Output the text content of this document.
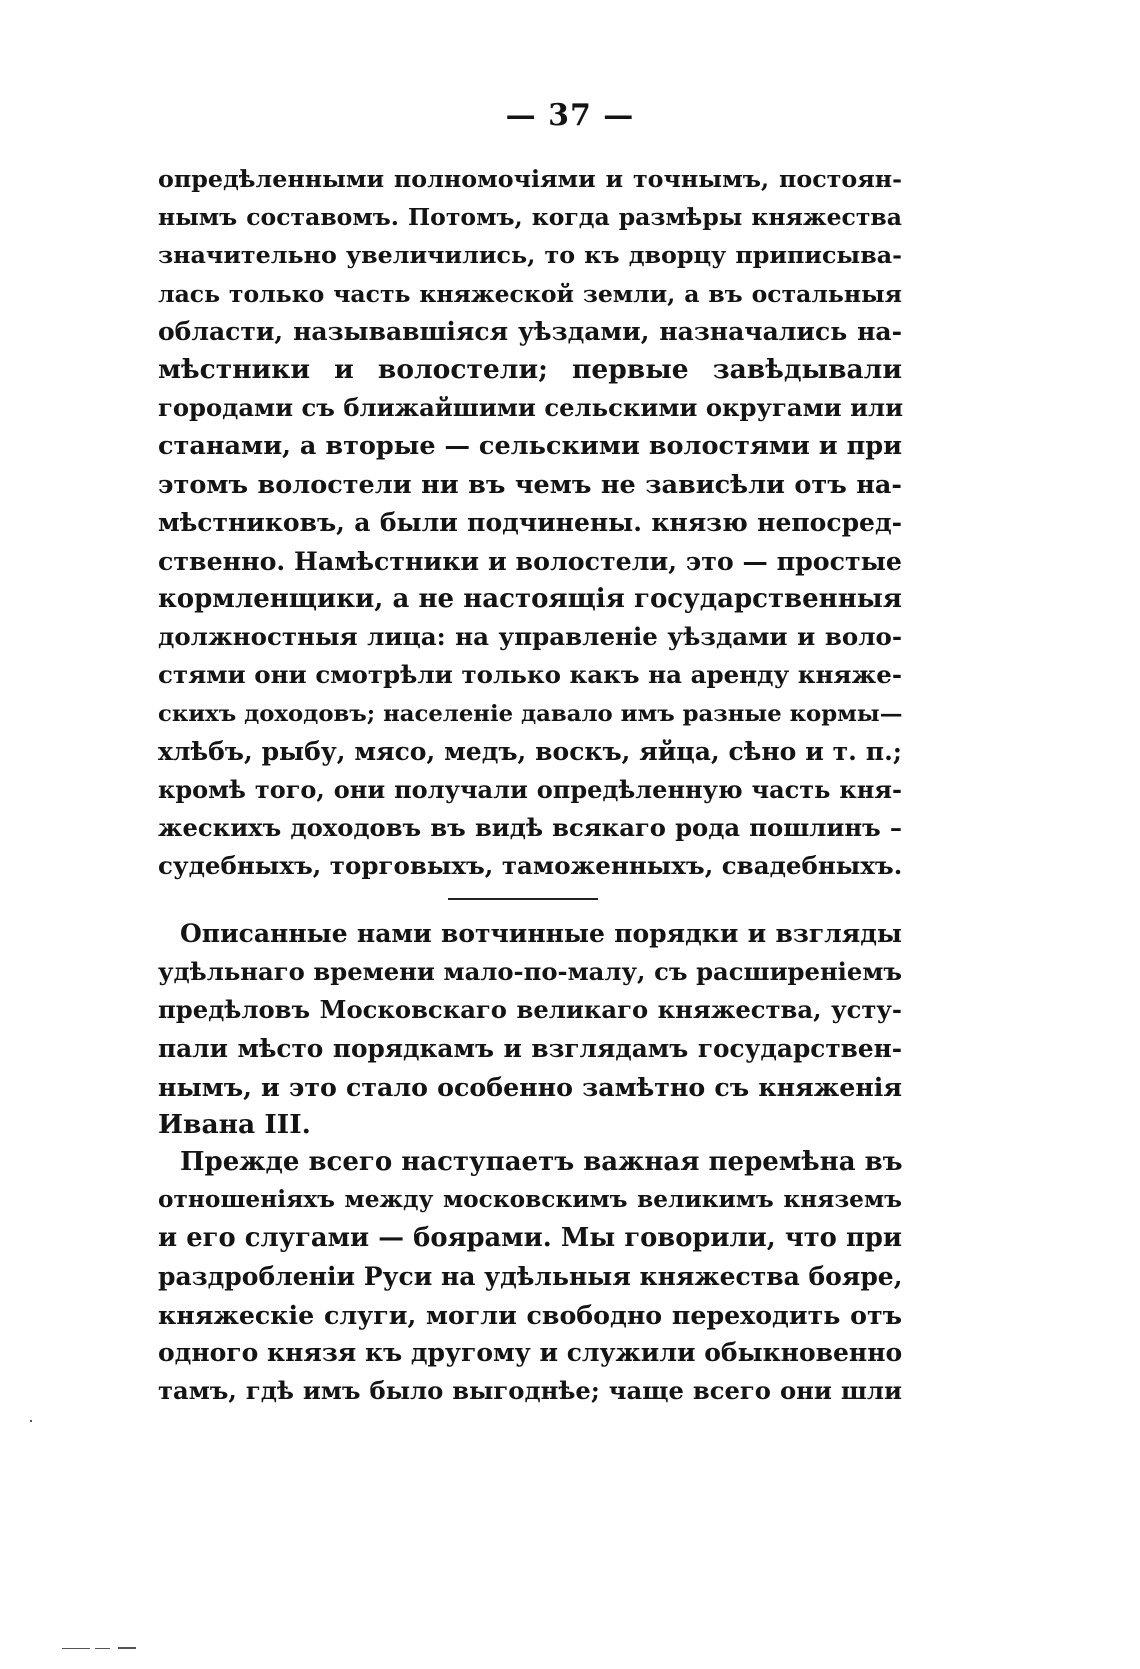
— 37 —
опредѣленными полномочіями и точнымъ, постоян-
нымъ составомъ. Потомъ, когда размѣры княжества
значительно увеличились, то къ дворцу приписыва-
лась только часть княжеской земли, а въ остальныя
области, называвшіяся уѣздами, назначались на-
мѣстники и волостели; первые завѣдывали
городами съ ближайшими сельскими округами или
станами, а вторые — сельскими волостями и при
этомъ волостели ни въ чемъ не зависѣли отъ на-
мѣстниковъ, а были подчинены. князю непосред-
ственно. Намѣстники и волостели, это — простые
кормленщики, а не настоящія государственныя
должностныя лица: на управленіе уѣздами и воло-
стями они смотрѣли только какъ на аренду княже-
скихъ доходовъ; населеніе давало имъ разные кормы—
хлѣбъ, рыбу, мясо, медъ, воскъ, яйца, сѣно и т. п.;
кромѣ того, они получали опредѣленную часть кня-
жескихъ доходовъ въ видѣ всякаго рода пошлинъ –
судебныхъ, торговыхъ, таможенныхъ, свадебныхъ.
Описанные нами вотчинные порядки и взгляды
удѣльнаго времени мало-по-малу, съ расширеніемъ
предѣловъ Московскаго великаго княжества, усту-
пали мѣсто порядкамъ и взглядамъ государствен-
нымъ, и это стало особенно замѣтно съ княженія
Ивана III.
Прежде всего наступаетъ важная перемѣна въ
отношеніяхъ между московскимъ великимъ княземъ
и его слугами — боярами. Мы говорили, что при
раздробленіи Руси на удѣльныя княжества бояре,
княжескіе слуги, могли свободно переходить отъ
одного князя къ другому и служили обыкновенно
тамъ, гдѣ имъ было выгоднѣе; чаще всего они шли
